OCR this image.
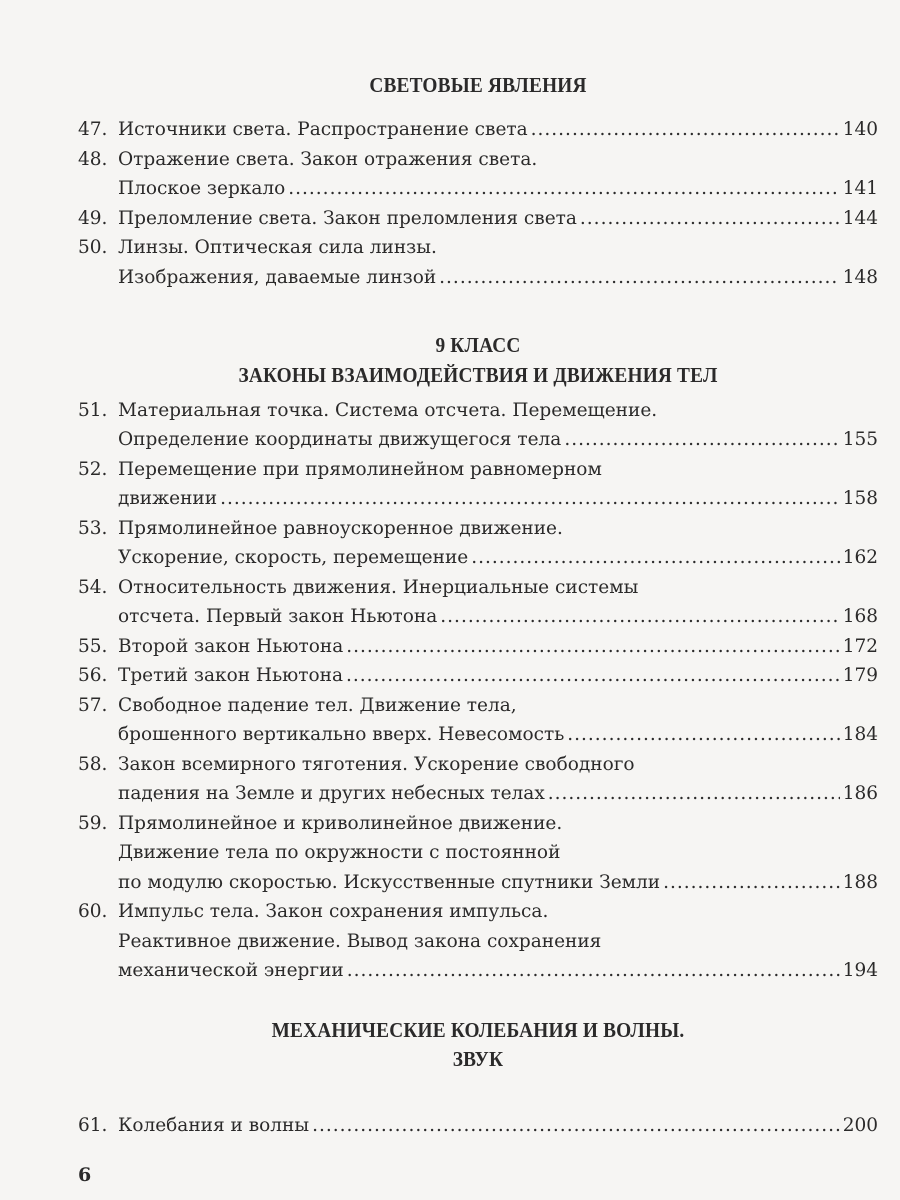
СВЕТОВЫЕ ЯВЛЕНИЯ
47. Источники света. Распространение света .....	140
48. Отражение света. Закон отражения света.
Плоское зеркало .....	141
49. Преломление света. Закон преломления света .....	144
50. Линзы. Оптическая сила линзы.
Изображения, даваемые линзой .....	148
9 КЛАСС
ЗАКОНЫ ВЗАИМОДЕЙСТВИЯ И ДВИЖЕНИЯ ТЕЛ
51. Материальная точка. Система отсчета. Перемещение.
Определение координаты движущегося тела .....	155
52. Перемещение при прямолинейном равномерном
движении .....	158
53. Прямолинейное равноускоренное движение.
Ускорение, скорость, перемещение .....	162
54. Относительность движения. Инерциальные системы
отсчета. Первый закон Ньютона .....	168
55. Второй закон Ньютона .....	172
56. Третий закон Ньютона .....	179
57. Свободное падение тел. Движение тела,
брошенного вертикально вверх. Невесомость .....	184
58. Закон всемирного тяготения. Ускорение свободного
падения на Земле и других небесных телах .....	186
59. Прямолинейное и криволинейное движение.
Движение тела по окружности с постоянной
по модулю скоростью. Искусственные спутники Земли .....	188
60. Импульс тела. Закон сохранения импульса.
Реактивное движение. Вывод закона сохранения
механической энергии .....	194
МЕХАНИЧЕСКИЕ КОЛЕБАНИЯ И ВОЛНЫ.
ЗВУК
61. Колебания и волны .....	200
6
